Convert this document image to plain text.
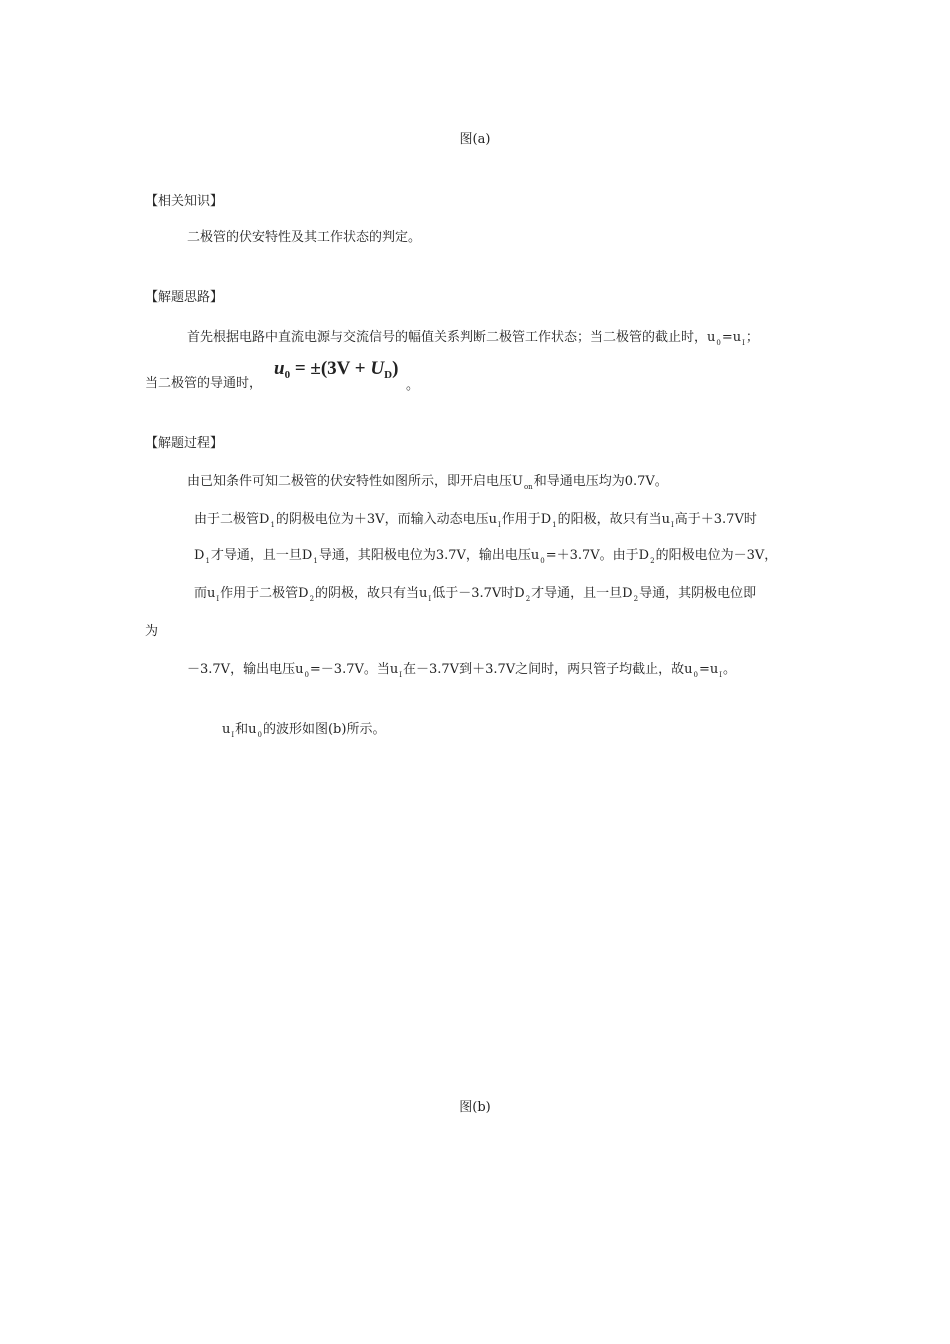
图(a)
【相关知识】
二极管的伏安特性及其工作状态的判定。
【解题思路】
首先根据电路中直流电源与交流信号的幅值关系判断二极管工作状态；当二极管的截止时，$u_0=u_I$；
当二极管的导通时，
$u_0 = \pm(3V + U_D)$
。
【解题过程】
由已知条件可知二极管的伏安特性如图所示，即开启电压$U_{on}$和导通电压均为0.7V。
由于二极管$D_1$的阴极电位为＋3V，而输入动态电压$u_I$作用于$D_1$的阳极，故只有当$u_I$高于＋3.7V时
$D_1$才导通，且一旦$D_1$导通，其阳极电位为3.7V，输出电压$u_0=+3.7V$。由于$D_2$的阳极电位为－3V，
而$u_I$作用于二极管$D_2$的阴极，故只有当$u_I$低于－3.7V时$D_2$才导通，且一旦$D_2$导通，其阴极电位即
为
－3.7V，输出电压$u_0=-3.7V$。当$u_I$在－3.7V到＋3.7V之间时，两只管子均截止，故$u_0=u_I$。
$u_I$和$u_0$的波形如图(b)所示。
图(b)
